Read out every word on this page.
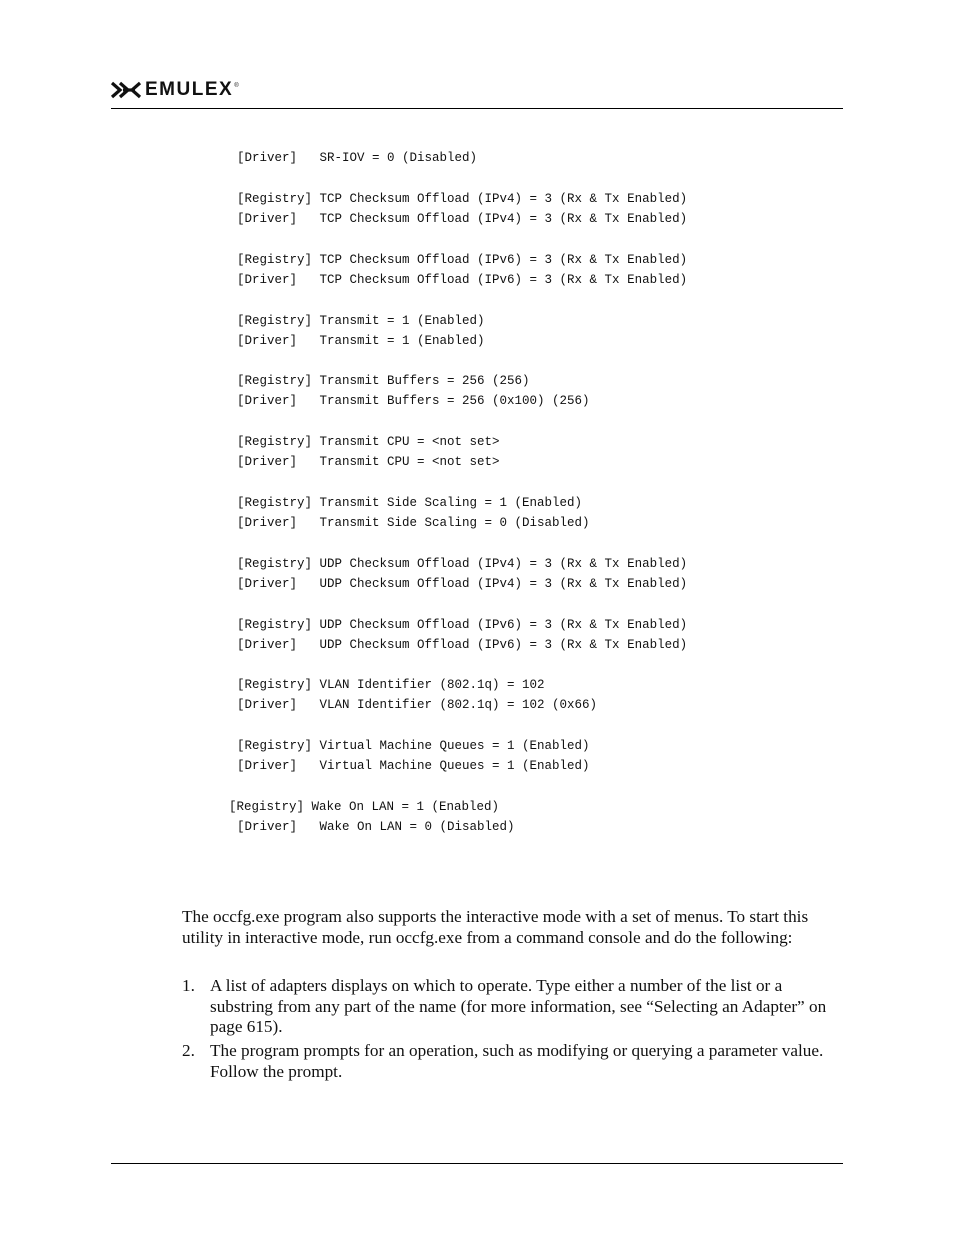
EMULEX ®
[Driver]   SR-IOV = 0 (Disabled)
[Registry] TCP Checksum Offload (IPv4) = 3 (Rx & Tx Enabled)
[Driver]   TCP Checksum Offload (IPv4) = 3 (Rx & Tx Enabled)
[Registry] TCP Checksum Offload (IPv6) = 3 (Rx & Tx Enabled)
[Driver]   TCP Checksum Offload (IPv6) = 3 (Rx & Tx Enabled)
[Registry] Transmit = 1 (Enabled)
[Driver]   Transmit = 1 (Enabled)
[Registry] Transmit Buffers = 256 (256)
[Driver]   Transmit Buffers = 256 (0x100) (256)
[Registry] Transmit CPU = <not set>
[Driver]   Transmit CPU = <not set>
[Registry] Transmit Side Scaling = 1 (Enabled)
[Driver]   Transmit Side Scaling = 0 (Disabled)
[Registry] UDP Checksum Offload (IPv4) = 3 (Rx & Tx Enabled)
[Driver]   UDP Checksum Offload (IPv4) = 3 (Rx & Tx Enabled)
[Registry] UDP Checksum Offload (IPv6) = 3 (Rx & Tx Enabled)
[Driver]   UDP Checksum Offload (IPv6) = 3 (Rx & Tx Enabled)
[Registry] VLAN Identifier (802.1q) = 102
[Driver]   VLAN Identifier (802.1q) = 102 (0x66)
[Registry] Virtual Machine Queues = 1 (Enabled)
[Driver]   Virtual Machine Queues = 1 (Enabled)
[Registry] Wake On LAN = 1 (Enabled)
[Driver]   Wake On LAN = 0 (Disabled)

The occfg.exe program also supports the interactive mode with a set of menus. To start this utility in interactive mode, run occfg.exe from a command console and do the following:

1. A list of adapters displays on which to operate. Type either a number of the list or a substring from any part of the name (for more information, see “Selecting an Adapter” on page 615).
2. The program prompts for an operation, such as modifying or querying a parameter value. Follow the prompt.
